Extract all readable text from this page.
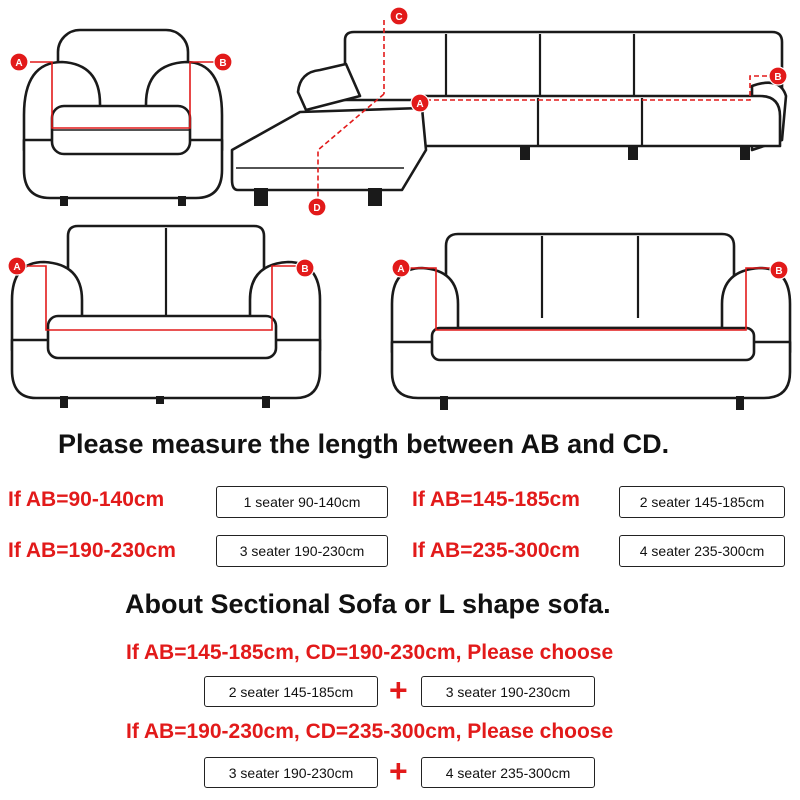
A	B
C
A
B
D
A	B	A	B
Please measure the length between AB and CD.
If AB=90-140cm	1 seater 90-140cm	If AB=145-185cm	2 seater 145-185cm
If AB=190-230cm	3 seater 190-230cm	If AB=235-300cm	4 seater 235-300cm
About Sectional Sofa or L shape sofa.
If AB=145-185cm, CD=190-230cm, Please choose
2 seater 145-185cm	+	3 seater 190-230cm
If AB=190-230cm, CD=235-300cm, Please choose
3 seater 190-230cm	+	4 seater 235-300cm
